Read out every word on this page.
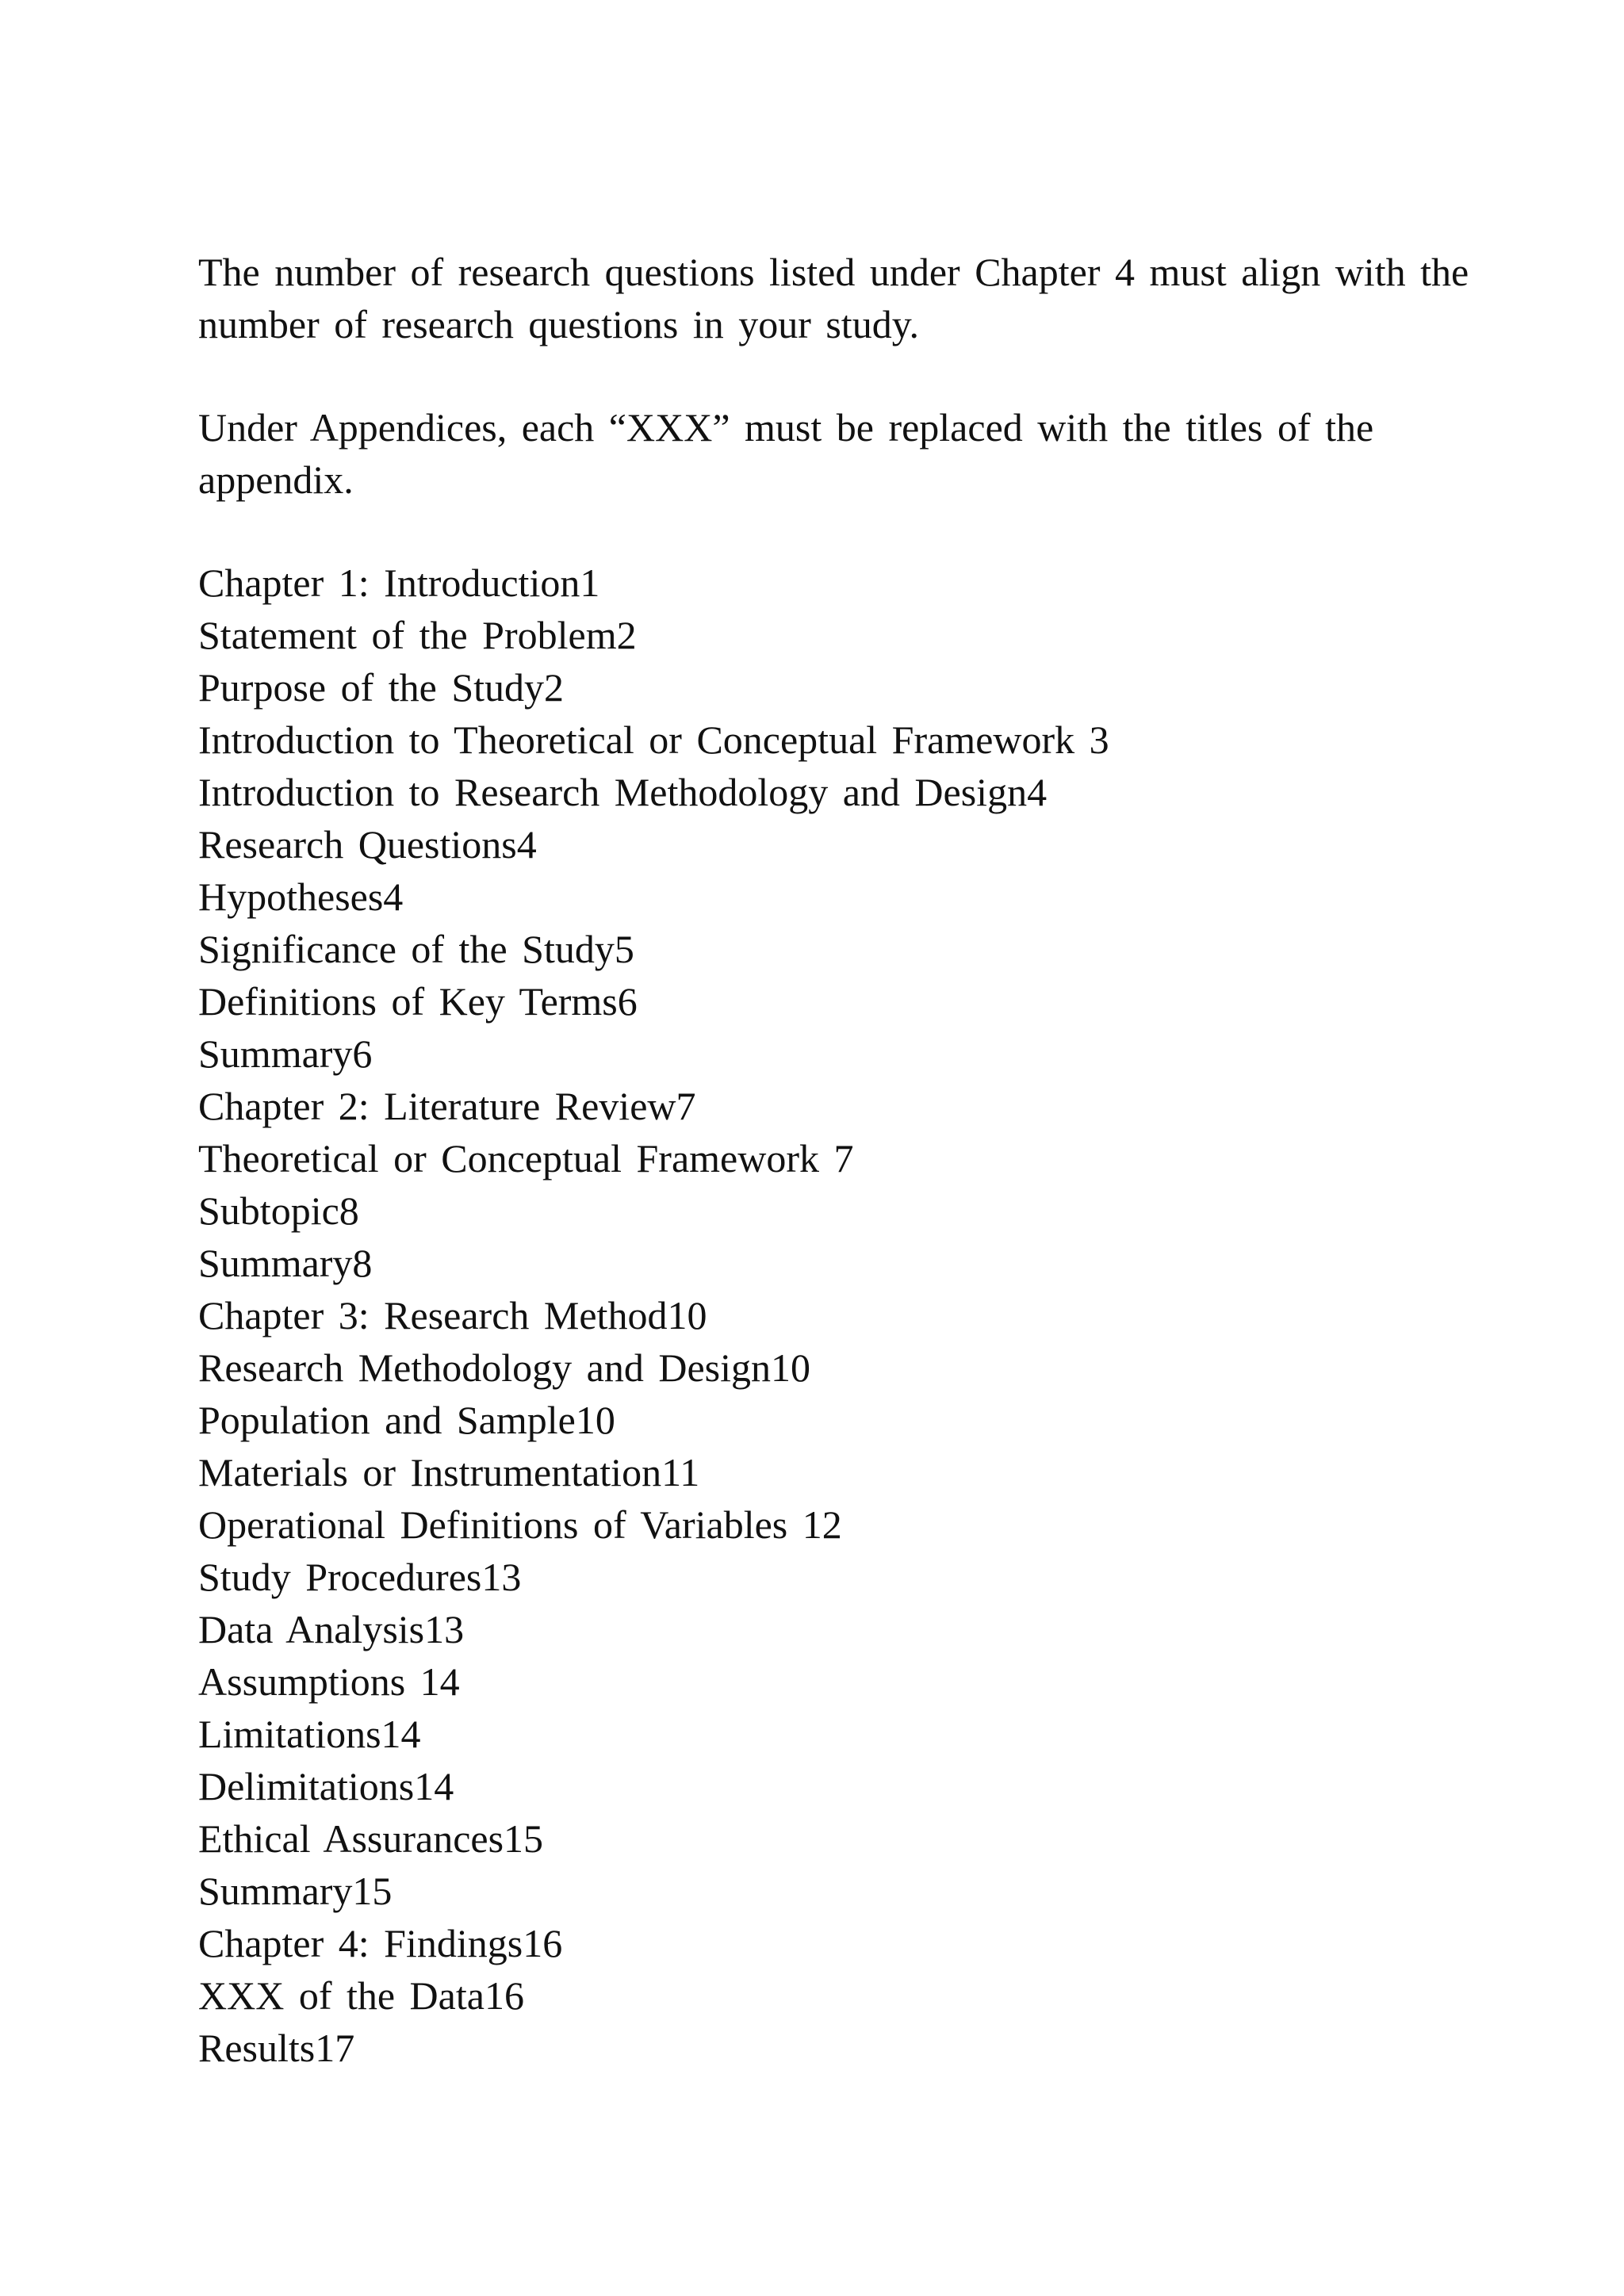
The number of research questions listed under Chapter 4 must align with the number of research questions in your study.

Under Appendices, each “XXX” must be replaced with the titles of the appendix.

Chapter 1: Introduction1
Statement of the Problem2
Purpose of the Study2
Introduction to Theoretical or Conceptual Framework 3
Introduction to Research Methodology and Design4
Research Questions4
Hypotheses4
Significance of the Study5
Definitions of Key Terms6
Summary6
Chapter 2: Literature Review7
Theoretical or Conceptual Framework 7
Subtopic8
Summary8
Chapter 3: Research Method10
Research Methodology and Design10
Population and Sample10
Materials or Instrumentation11
Operational Definitions of Variables 12
Study Procedures13
Data Analysis13
Assumptions 14
Limitations14
Delimitations14
Ethical Assurances15
Summary15
Chapter 4: Findings16
XXX of the Data16
Results17
